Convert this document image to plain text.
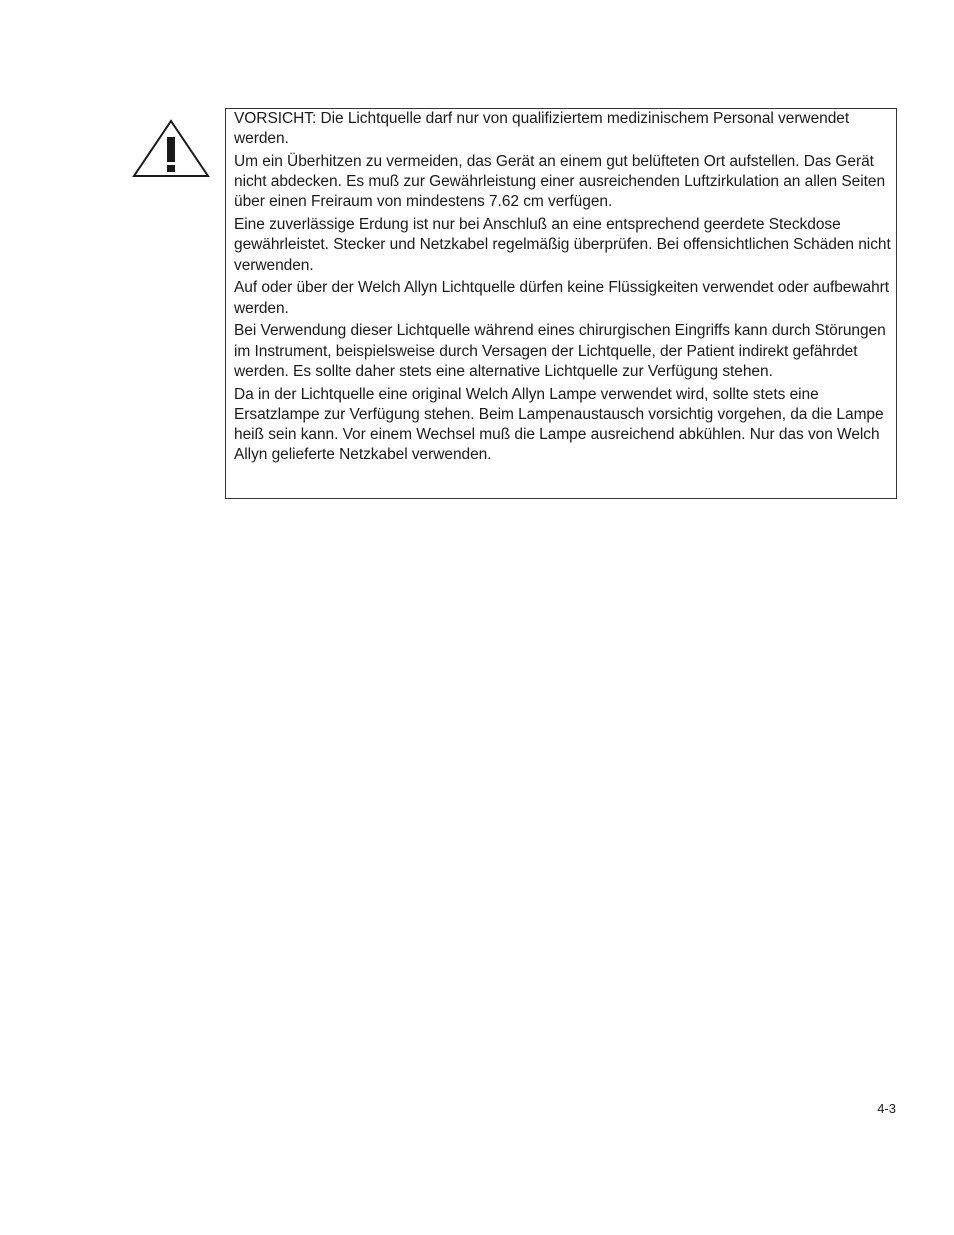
VORSICHT: Die Lichtquelle darf nur von qualifiziertem medizinischem Personal verwendet werden.

Um ein Überhitzen zu vermeiden, das Gerät an einem gut belüfteten Ort aufstellen. Das Gerät nicht abdecken. Es muß zur Gewährleistung einer ausreichenden Luftzirkulation an allen Seiten über einen Freiraum von mindestens 7.62 cm verfügen.

Eine zuverlässige Erdung ist nur bei Anschluß an eine entsprechend geerdete Steckdose gewährleistet. Stecker und Netzkabel regelmäßig überprüfen. Bei offensichtlichen Schäden nicht verwenden.

Auf oder über der Welch Allyn Lichtquelle dürfen keine Flüssigkeiten verwendet oder aufbewahrt werden.

Bei Verwendung dieser Lichtquelle während eines chirurgischen Eingriffs kann durch Störungen im Instrument, beispielsweise durch Versagen der Lichtquelle, der Patient indirekt gefährdet werden. Es sollte daher stets eine alternative Lichtquelle zur Verfügung stehen.

Da in der Lichtquelle eine original Welch Allyn Lampe verwendet wird, sollte stets eine Ersatzlampe zur Verfügung stehen. Beim Lampenaustausch vorsichtig vorgehen, da die Lampe heiß sein kann. Vor einem Wechsel muß die Lampe ausreichend abkühlen. Nur das von Welch Allyn gelieferte Netzkabel verwenden.

4-3
